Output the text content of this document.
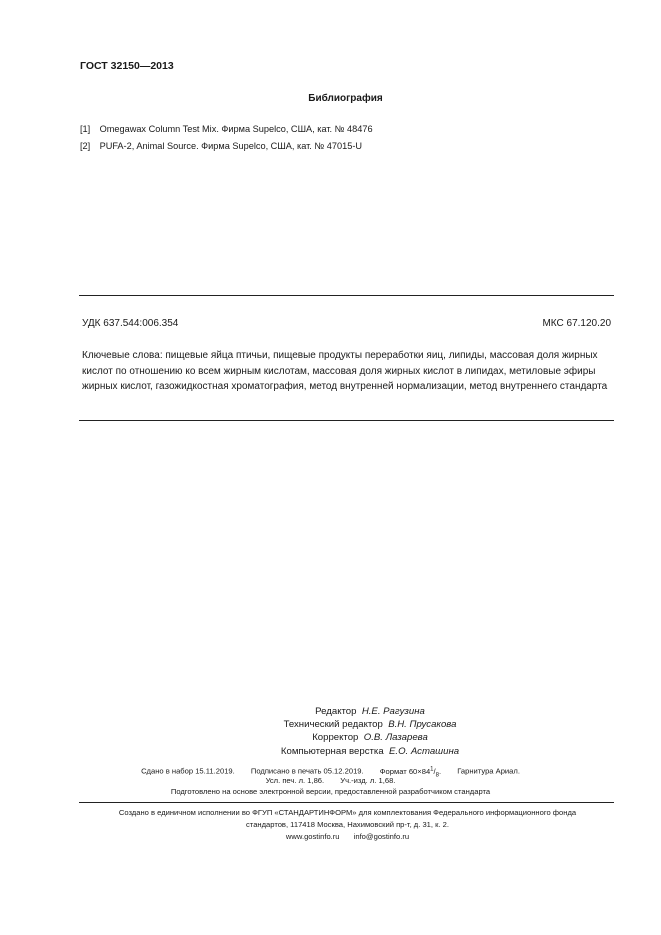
ГОСТ 32150—2013
Библиография
[1] Omegawax Column Test Mix. Фирма Supelco, США, кат. № 48476
[2] PUFA-2, Animal Source. Фирма Supelco, США, кат. № 47015-U
УДК 637.544:006.354	МКС 67.120.20
Ключевые слова: пищевые яйца птичьи, пищевые продукты переработки яиц, липиды, массовая доля жирных кислот по отношению ко всем жирным кислотам, массовая доля жирных кислот в липидах, метиловые эфиры жирных кислот, газожидкостная хроматография, метод внутренней нормализации, метод внутреннего стандарта
Редактор Н.Е. Рагузина
Технический редактор В.Н. Прусакова
Корректор О.В. Лазарева
Компьютерная верстка Е.О. Асташина
Сдано в набор 15.11.2019. Подписано в печать 05.12.2019. Формат $60\times 84^1/_8$. Гарнитура Ариал.
Усл. печ. л. 1,86. Уч.-изд. л. 1,68.
Подготовлено на основе электронной версии, предоставленной разработчиком стандарта
Создано в единичном исполнении во ФГУП «СТАНДАРТИНФОРМ» для комплектования Федерального информационного фонда
стандартов, 117418 Москва, Нахимовский пр-т, д. 31, к. 2.
www.gostinfo.ru info@gostinfo.ru
